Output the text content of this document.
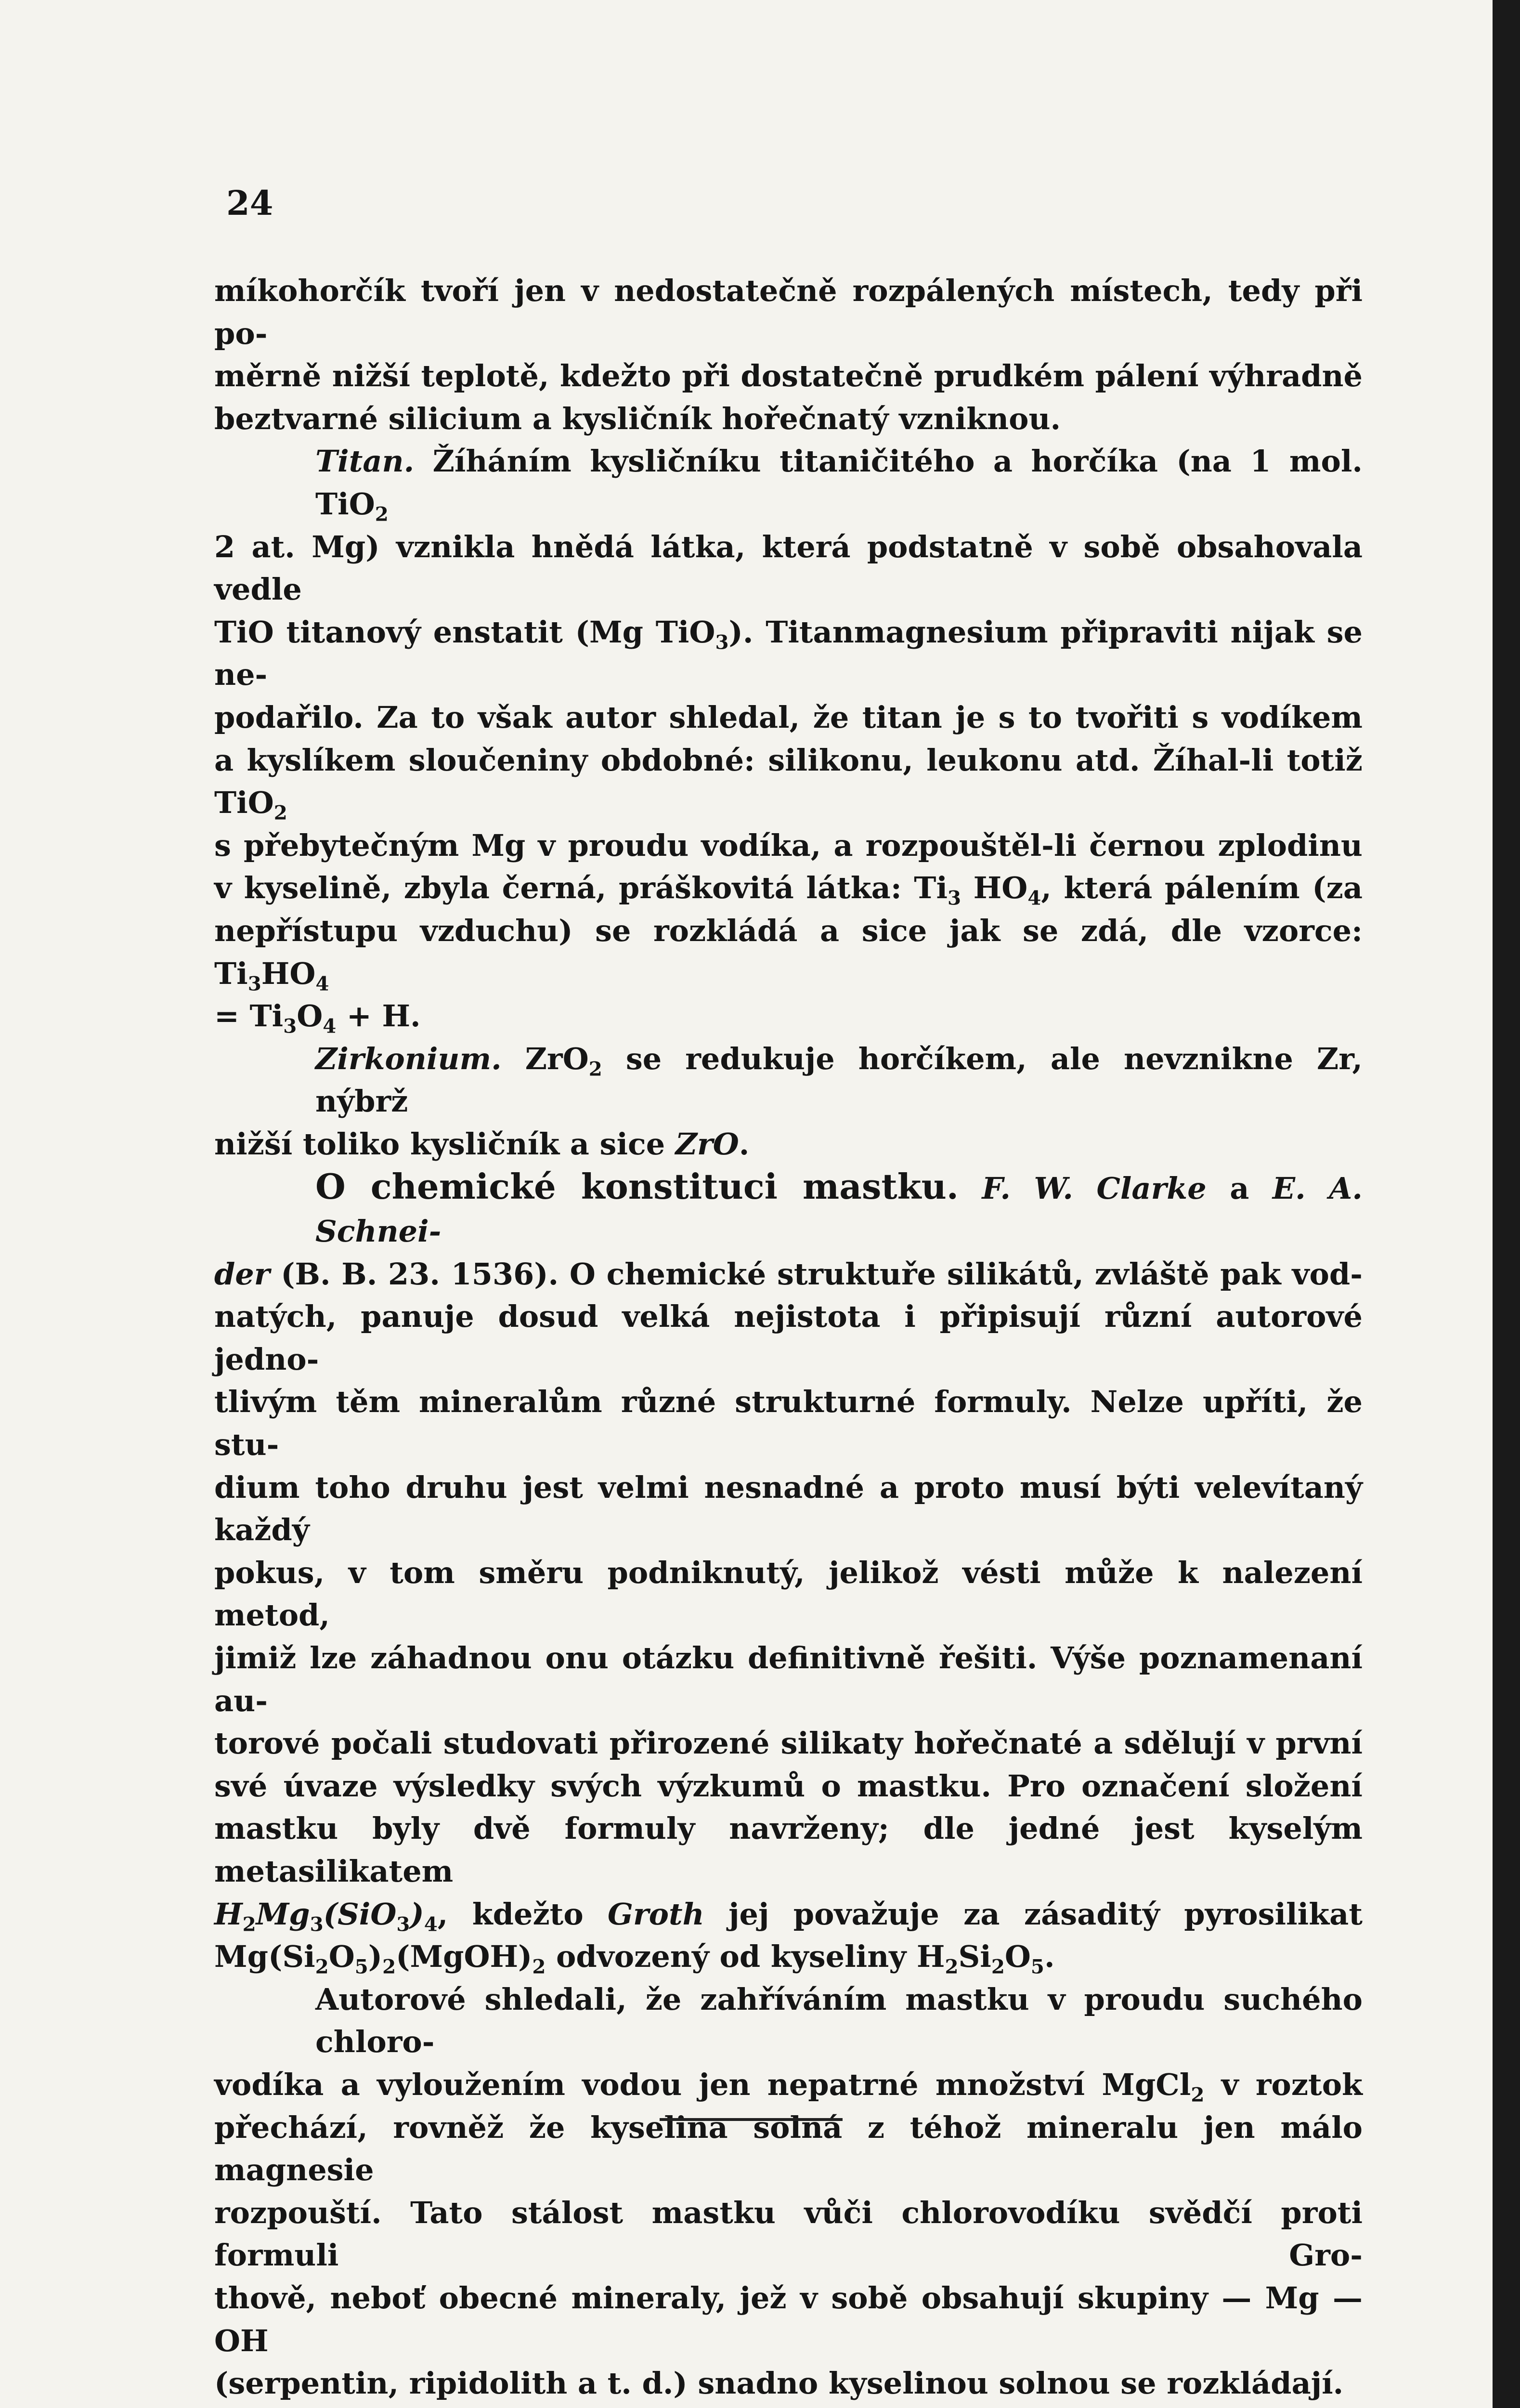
24
míkohorčík tvoří jen v nedostatečně rozpálených místech, tedy při po-
měrně nižší teplotě, kdežto při dostatečně prudkém pálení výhradně
beztvarné silicium a kysličník hořečnatý vzniknou.
Titan. Žíháním kysličníku titaničitého a horčíka (na 1 mol. TiO$_2$
2 at. Mg) vznikla hnědá látka, která podstatně v sobě obsahovala vedle
TiO titanový enstatit (Mg TiO$_3$). Titanmagnesium připraviti nijak se ne-
podařilo. Za to však autor shledal, že titan je s to tvořiti s vodíkem
a kyslíkem sloučeniny obdobné: silikonu, leukonu atd. Žíhal-li totiž TiO$_2$
s přebytečným Mg v proudu vodíka, a rozpouštěl-li černou zplodinu
v kyselině, zbyla černá, práškovitá látka: $Ti_3$ $HO_4$, která pálením (za
nepřístupu vzduchu) se rozkládá a sice jak se zdá, dle vzorce: $Ti_3HO_4$
= $Ti_3O_4 + H$.
Zirkonium. ZrO$_2$ se redukuje horčíkem, ale nevznikne Zr, nýbrž
nižší toliko kysličník a sice ZrO.
O chemické konstituci mastku. F. W. Clarke a E. A. Schnei-
der (B. B. 23. 1536). O chemické struktuře silikátů, zvláště pak vod-
natých, panuje dosud velká nejistota i připisují různí autorové jedno-
tlivým těm mineralům různé strukturné formuly. Nelze upříti, že stu-
dium toho druhu jest velmi nesnadné a proto musí býti velevítaný každý
pokus, v tom směru podniknutý, jelikož vésti může k nalezení metod,
jimiž lze záhadnou onu otázku definitivně řešiti. Výše poznamenaní au-
torové počali studovati přirozené silikaty hořečnaté a sdělují v první
své úvaze výsledky svých výzkumů o mastku. Pro označení složení
mastku byly dvě formuly navrženy; dle jedné jest kyselým metasilikatem
$H_2Mg_3(SiO_3)_4$, kdežto Groth jej považuje za zásaditý pyrosilikat
$Mg(Si_2O_5)_2(MgOH)_2$ odvozený od kyseliny $H_2Si_2O_5$.
Autorové shledali, že zahříváním mastku v proudu suchého chloro-
vodíka a vyloužením vodou jen nepatrné množství MgCl$_2$ v roztok
přechází, rovněž že kyselina solná z téhož mineralu jen málo magnesie
rozpouští. Tato stálost mastku vůči chlorovodíku svědčí proti formuli Gro-
thově, neboť obecné mineraly, jež v sobě obsahují skupiny — Mg — OH
(serpentin, ripidolith a t. d.) snadno kyselinou solnou se rozkládají.
